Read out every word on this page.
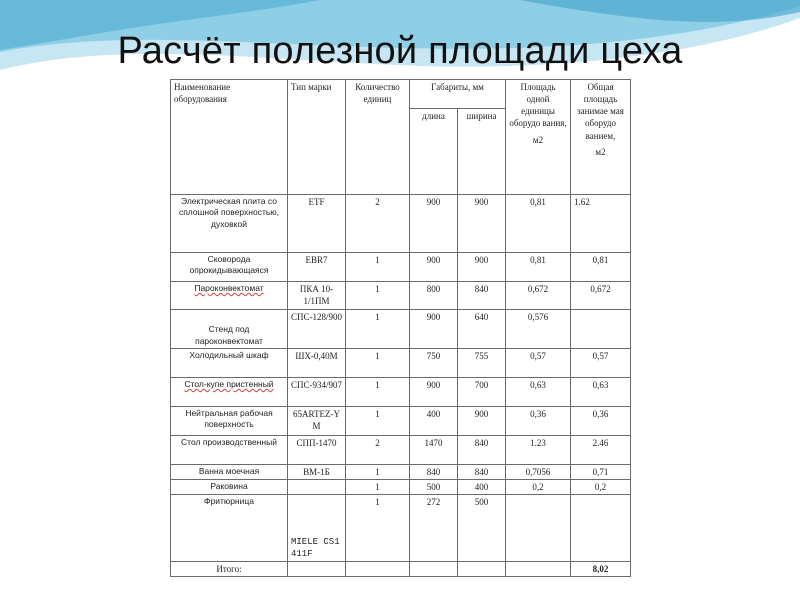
Расчёт полезной площади цеха
Наименование оборудования	Тип марки	Количество единиц	Габариты, мм		Площадь одной единицы оборудо вания,
м2	Общая площадь занимае мая оборудо ванием,
м2

			длина	ширина		
Электрическая плита со сплошной поверхностью, духовкой	ETF	2	900	900	0,81	1.62
Сковорода опрокидывающаяся	EBR7	1	900	900	0,81	0,81
Пароконвектомат	ПКА 10-1/1ПМ	1	800	840	0,672	0,672
Стенд под пароконвектомат	СПС-128/900	1	900	640	0,576	
Холодильный шкаф	ШХ-0,40М	1	750	755	0,57	0,57
Стол-купе пристенный	СПС-934/907	1	900	700	0,63	0,63
Нейтральная рабочая поверхность	65ARTEZ-YM	1	400	900	0,36	0,36
Стол производственный	СПП-1470	2	1470	840	1.23	2.46
Ванна моечная	ВМ-1Б	1	840	840	0,7056	0,71
Раковина		1	500	400	0,2	0,2
Фритюрница	MIELE CS1411F	1	272	500		
Итого:						8,02
